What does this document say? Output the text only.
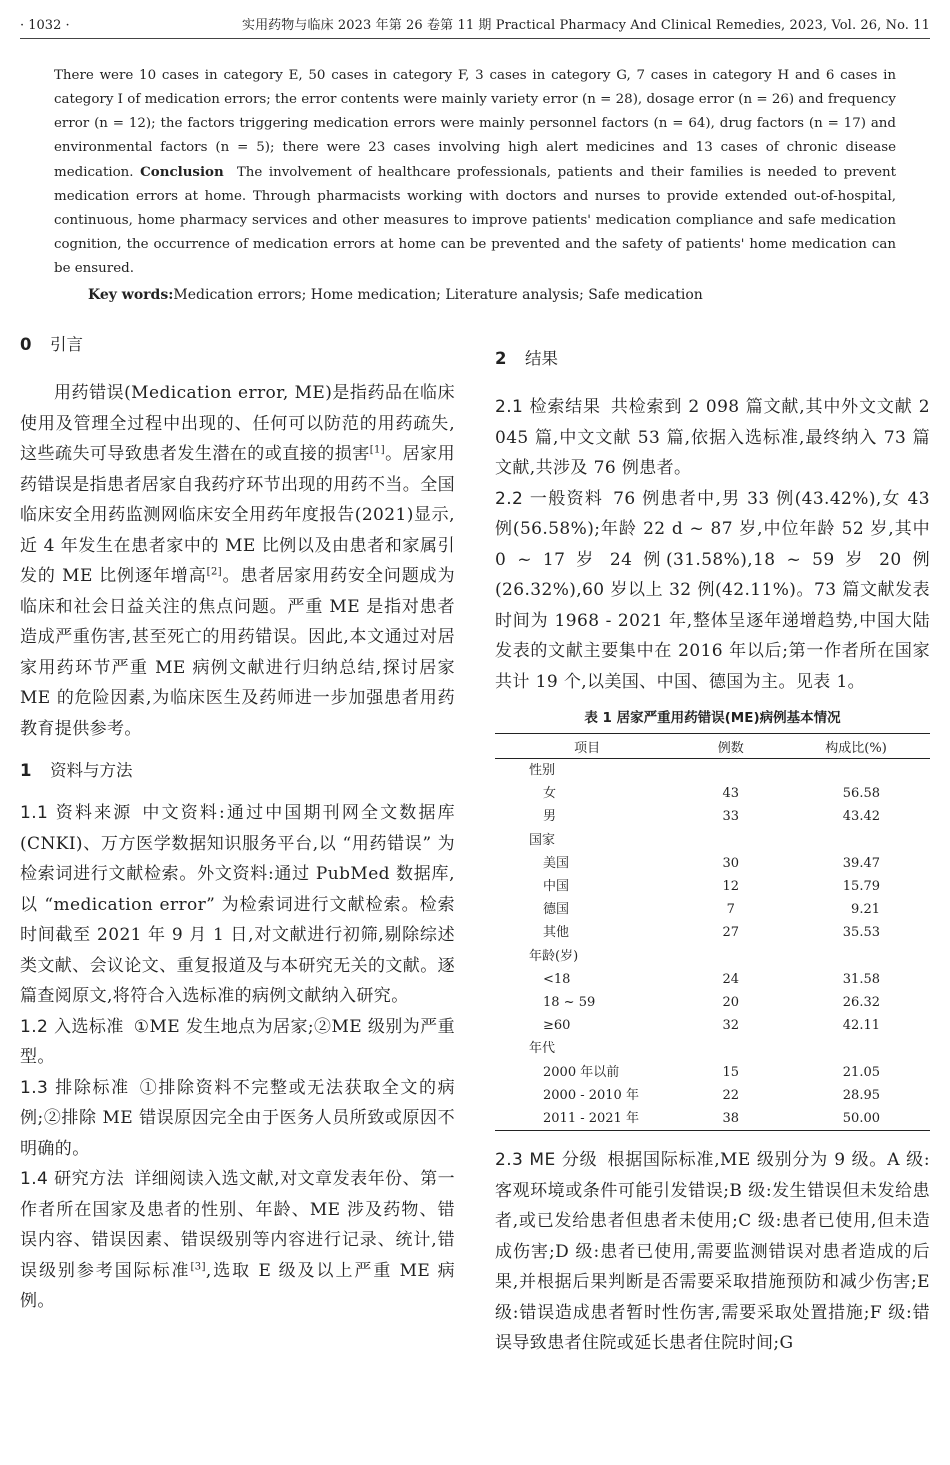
· 1032 ·	实用药物与临床 2023 年第 26 卷第 11 期 Practical Pharmacy And Clinical Remedies, 2023, Vol. 26, No. 11
There were 10 cases in category E, 50 cases in category F, 3 cases in category G, 7 cases in category H and 6 cases in category I of medication errors; the error contents were mainly variety error (n = 28), dosage error (n = 26) and frequency error (n = 12); the factors triggering medication errors were mainly personnel factors (n = 64), drug factors (n = 17) and environmental factors (n = 5); there were 23 cases involving high alert medicines and 13 cases of chronic disease medication. Conclusion The involvement of healthcare professionals, patients and their families is needed to prevent medication errors at home. Through pharmacists working with doctors and nurses to provide extended out-of-hospital, continuous, home pharmacy services and other measures to improve patients' medication compliance and safe medication cognition, the occurrence of medication errors at home can be prevented and the safety of patients' home medication can be ensured.
Key words:Medication errors; Home medication; Literature analysis; Safe medication
0 引言

用药错误(Medication error, ME)是指药品在临床使用及管理全过程中出现的、任何可以防范的用药疏失,这些疏失可导致患者发生潜在的或直接的损害[1]。居家用药错误是指患者居家自我药疗环节出现的用药不当。全国临床安全用药监测网临床安全用药年度报告(2021)显示,近 4 年发生在患者家中的 ME 比例以及由患者和家属引发的 ME 比例逐年增高[2]。患者居家用药安全问题成为临床和社会日益关注的焦点问题。严重 ME 是指对患者造成严重伤害,甚至死亡的用药错误。因此,本文通过对居家用药环节严重 ME 病例文献进行归纳总结,探讨居家 ME 的危险因素,为临床医生及药师进一步加强患者用药教育提供参考。

1 资料与方法

1.1 资料来源 中文资料:通过中国期刊网全文数据库(CNKI)、万方医学数据知识服务平台,以 “用药错误” 为检索词进行文献检索。外文资料:通过 PubMed 数据库,以 “medication error” 为检索词进行文献检索。检索时间截至 2021 年 9 月 1 日,对文献进行初筛,剔除综述类文献、会议论文、重复报道及与本研究无关的文献。逐篇查阅原文,将符合入选标准的病例文献纳入研究。

1.2 入选标准 ①ME 发生地点为居家;②ME 级别为严重型。

1.3 排除标准 ①排除资料不完整或无法获取全文的病例;②排除 ME 错误原因完全由于医务人员所致或原因不明确的。

1.4 研究方法 详细阅读入选文献,对文章发表年份、第一作者所在国家及患者的性别、年龄、ME 涉及药物、错误内容、错误因素、错误级别等内容进行记录、统计,错误级别参考国际标准[3],选取 E 级及以上严重 ME 病例。

2 结果

2.1 检索结果 共检索到 2 098 篇文献,其中外文文献 2 045 篇,中文文献 53 篇,依据入选标准,最终纳入 73 篇文献,共涉及 76 例患者。

2.2 一般资料 76 例患者中,男 33 例(43.42%),女 43 例(56.58%);年龄 22 d ~ 87 岁,中位年龄 52 岁,其中 0 ~ 17 岁 24 例(31.58%),18 ~ 59 岁 20 例(26.32%),60 岁以上 32 例(42.11%)。73 篇文献发表时间为 1968 - 2021 年,整体呈逐年递增趋势,中国大陆发表的文献主要集中在 2016 年以后;第一作者所在国家共计 19 个,以美国、中国、德国为主。见表 1。

表 1 居家严重用药错误(ME)病例基本情况
项目	例数	构成比(%)
性别		
女	43	56.58
男	33	43.42
国家		
美国	30	39.47
中国	12	15.79
德国	7	9.21
其他	27	35.53
年龄(岁)		
<18	24	31.58
18 ~ 59	20	26.32
≥60	32	42.11
年代		
2000 年以前	15	21.05
2000 - 2010 年	22	28.95
2011 - 2021 年	38	50.00

2.3 ME 分级 根据国际标准,ME 级别分为 9 级。A 级:客观环境或条件可能引发错误;B 级:发生错误但未发给患者,或已发给患者但患者未使用;C 级:患者已使用,但未造成伤害;D 级:患者已使用,需要监测错误对患者造成的后果,并根据后果判断是否需要采取措施预防和减少伤害;E 级:错误造成患者暂时性伤害,需要采取处置措施;F 级:错误导致患者住院或延长患者住院时间;G
